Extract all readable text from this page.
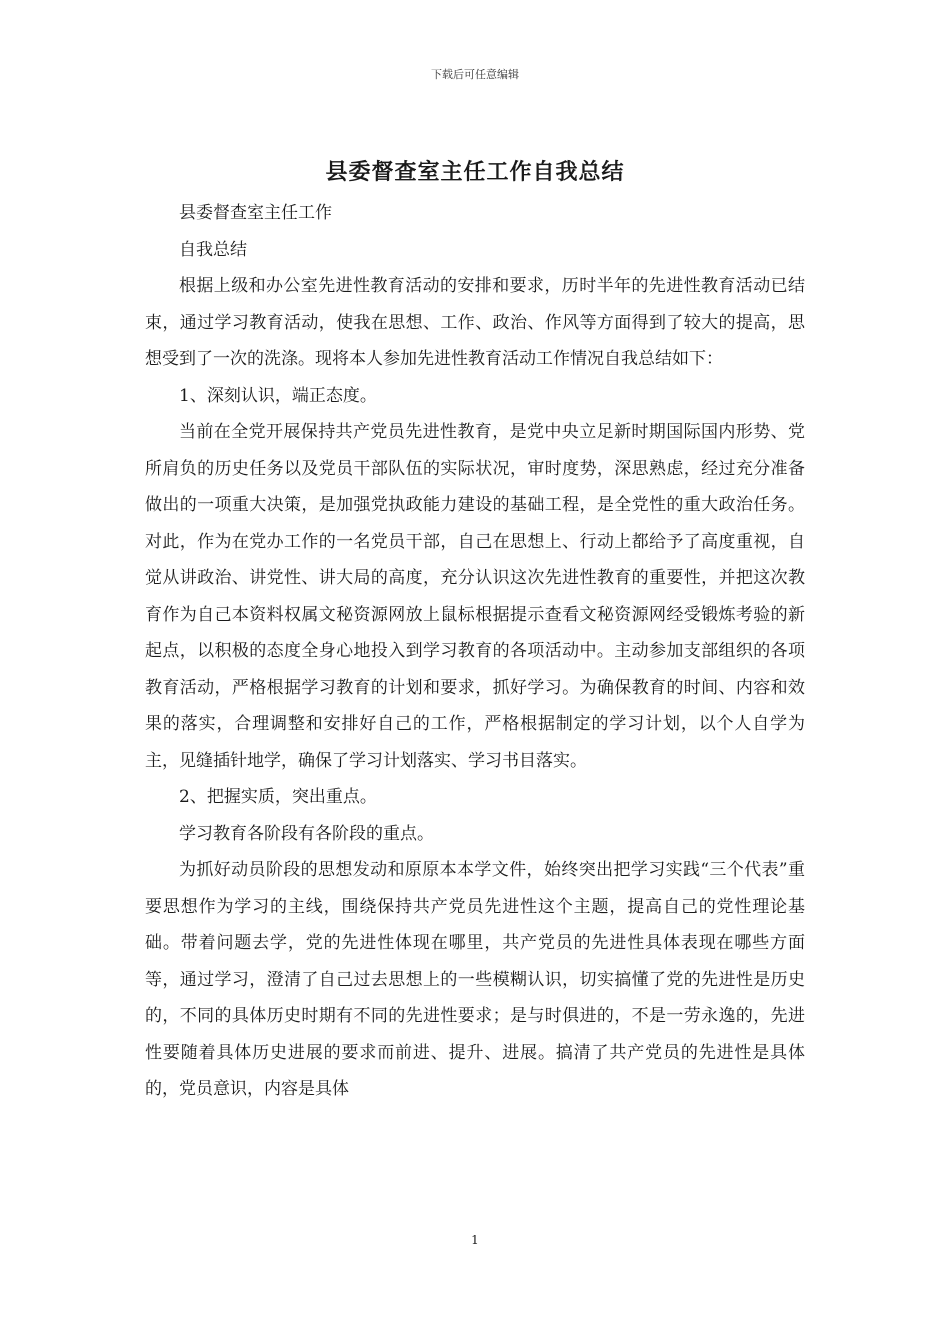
下载后可任意编辑
县委督查室主任工作自我总结

县委督查室主任工作

自我总结

根据上级和办公室先进性教育活动的安排和要求，历时半年的先进性教育活动已结束，通过学习教育活动，使我在思想、工作、政治、作风等方面得到了较大的提高，思想受到了一次的洗涤。现将本人参加先进性教育活动工作情况自我总结如下：

1、深刻认识，端正态度。

当前在全党开展保持共产党员先进性教育，是党中央立足新时期国际国内形势、党所肩负的历史任务以及党员干部队伍的实际状况，审时度势，深思熟虑，经过充分准备做出的一项重大决策，是加强党执政能力建设的基础工程，是全党性的重大政治任务。对此，作为在党办工作的一名党员干部，自己在思想上、行动上都给予了高度重视，自觉从讲政治、讲党性、讲大局的高度，充分认识这次先进性教育的重要性，并把这次教育作为自己本资料权属文秘资源网放上鼠标根据提示查看文秘资源网经受锻炼考验的新起点，以积极的态度全身心地投入到学习教育的各项活动中。主动参加支部组织的各项教育活动，严格根据学习教育的计划和要求，抓好学习。为确保教育的时间、内容和效果的落实，合理调整和安排好自己的工作，严格根据制定的学习计划，以个人自学为主，见缝插针地学，确保了学习计划落实、学习书目落实。

2、把握实质，突出重点。

学习教育各阶段有各阶段的重点。

为抓好动员阶段的思想发动和原原本本学文件，始终突出把学习实践“三个代表”重要思想作为学习的主线，围绕保持共产党员先进性这个主题，提高自己的党性理论基础。带着问题去学，党的先进性体现在哪里，共产党员的先进性具体表现在哪些方面等，通过学习，澄清了自己过去思想上的一些模糊认识，切实搞懂了党的先进性是历史的，不同的具体历史时期有不同的先进性要求；是与时俱进的，不是一劳永逸的，先进性要随着具体历史进展的要求而前进、提升、进展。搞清了共产党员的先进性是具体的，党员意识，内容是具体

1
